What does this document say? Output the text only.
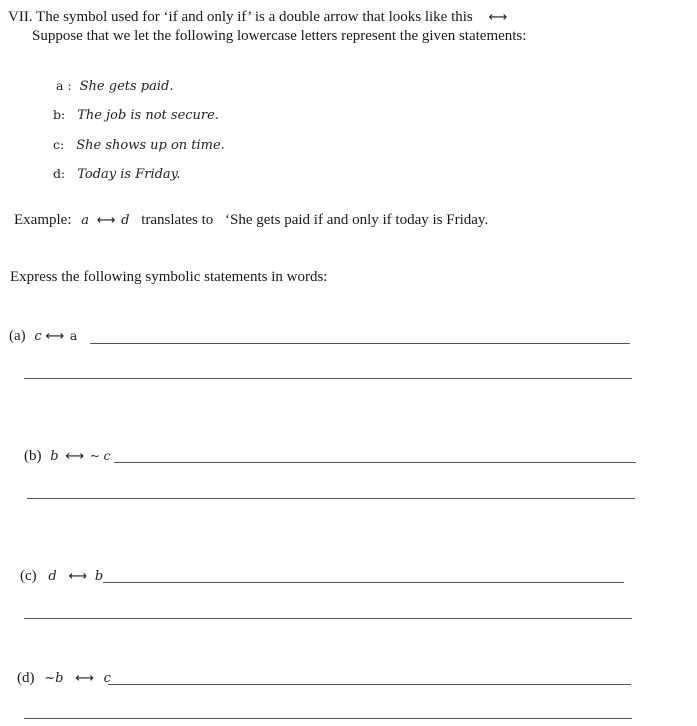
VII. The symbol used for ‘if and only if’ is a double arrow that looks like this ⟷
Suppose that we let the following lowercase letters represent the given statements:
a : She gets paid.
b: The job is not secure.
c: She shows up on time.
d: Today is Friday.
Example: a ⟷ d translates to ‘She gets paid if and only if today is Friday.
Express the following symbolic statements in words:
(a) c ⟷ a
(b) b ⟷ ~ c
(c) d ⟷ b
(d) ~b ⟷ c
